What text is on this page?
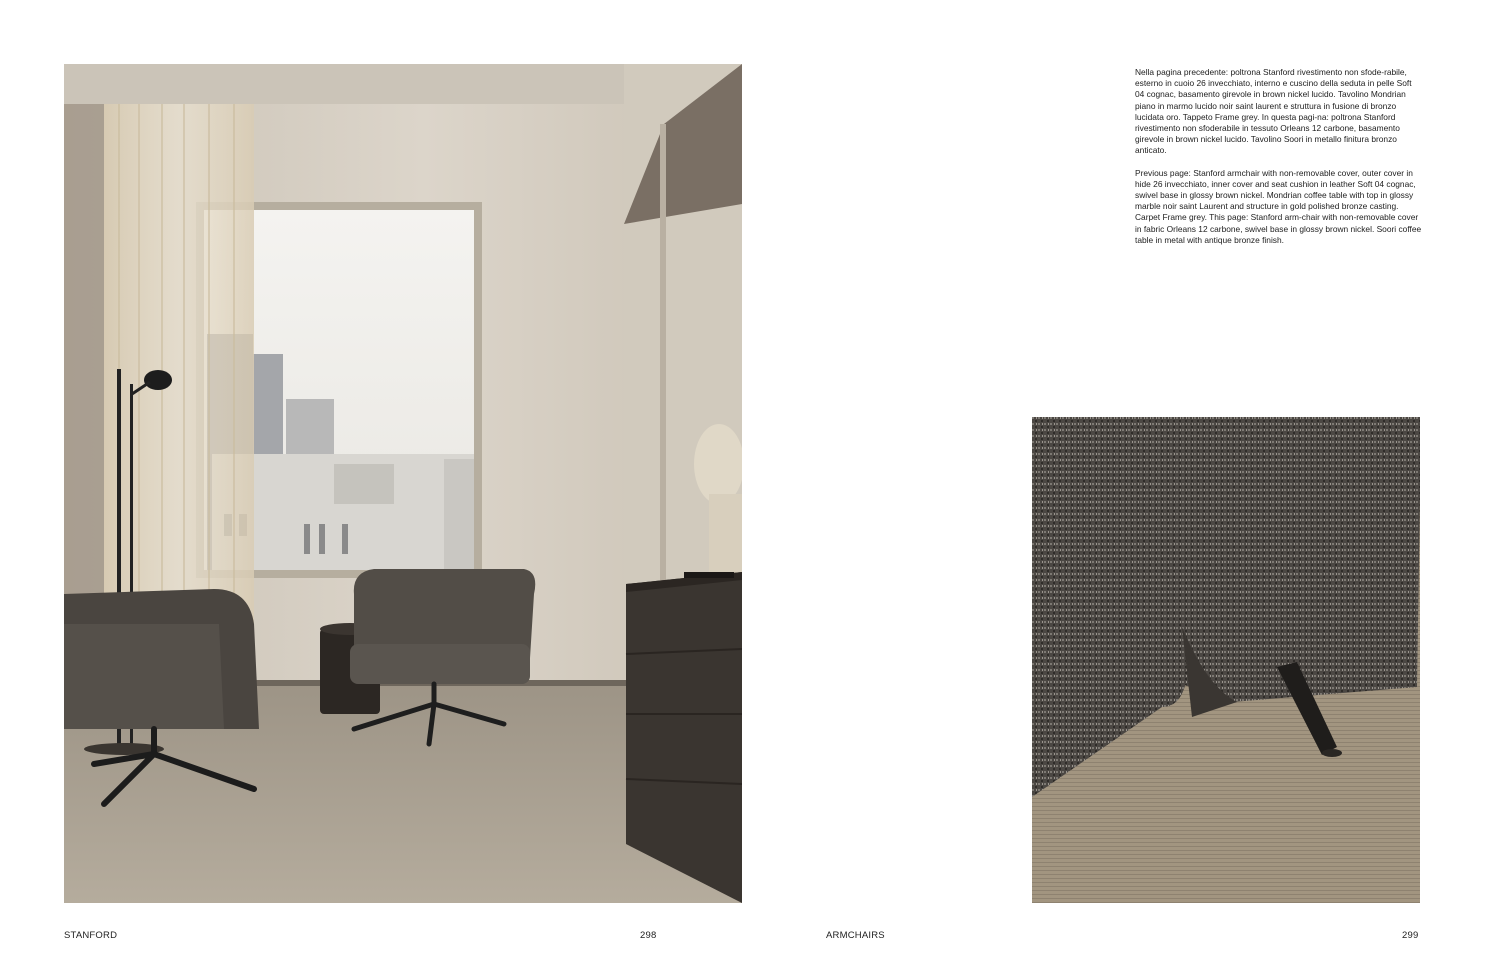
STANFORD	298

Nella pagina precedente: poltrona Stanford rivestimento non sfode-rabile, esterno in cuoio 26 invecchiato, interno e cuscino della seduta in pelle Soft 04 cognac, basamento girevole in brown nickel lucido. Tavolino Mondrian piano in marmo lucido noir saint laurent e struttura in fusione di bronzo lucidata oro. Tappeto Frame grey. In questa pagi-na: poltrona Stanford rivestimento non sfoderabile in tessuto Orleans 12 carbone, basamento girevole in brown nickel lucido. Tavolino Soori in metallo finitura bronzo anticato.

Previous page: Stanford armchair with non-removable cover, outer cover in hide 26 invecchiato, inner cover and seat cushion in leather Soft 04 cognac, swivel base in glossy brown nickel. Mondrian coffee table with top in glossy marble noir saint Laurent and structure in gold polished bronze casting. Carpet Frame grey. This page: Stanford arm-chair with non-removable cover in fabric Orleans 12 carbone, swivel base in glossy brown nickel. Soori coffee table in metal with antique bronze finish.

ARMCHAIRS	299
